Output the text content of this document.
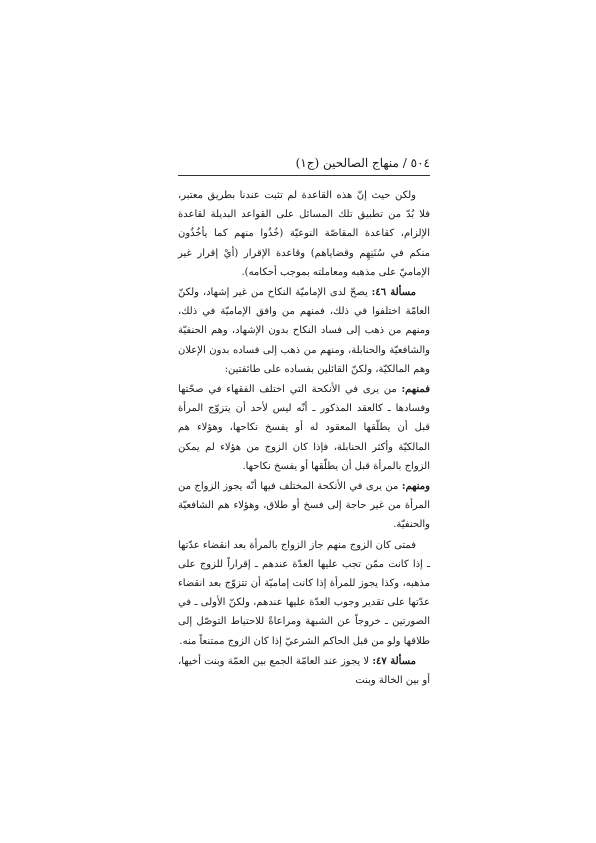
٥٠٤ / منهاج الصالحين (ج١)

ولكن حيث إنّ هذه القاعدة لم تثبت عندنا بطريق معتبر، فلا بُدّ من تطبيق تلك المسائل على القواعد البديلة لقاعدة الإلزام، كقاعدة المقاصّة النوعيّة (خُذُوا منهم كما يأخُذُون منكم في سُنَنِهِم وقضاياهم) وقاعدة الإقرار (أيْ إقرار غير الإماميّ على مذهبه ومعاملته بموجب أحكامه).

مسألة ٤٦: يصحّ لدى الإماميّة النكاح من غير إشهاد، ولكنّ العامّة اختلفوا في ذلك، فمنهم من وافق الإماميّة في ذلك، ومنهم من ذهب إلى فساد النكاح بدون الإشهاد، وهم الحنفيّة والشافعيّة والحنابلة، ومنهم من ذهب إلى فساده بدون الإعلان وهم المالكيّة، ولكنّ القائلين بفساده على طائفتين:

فمنهم: من يرى في الأنكحة التي اختلف الفقهاء في صحّتها وفسادها ـ كالعقد المذكور ـ أنّه ليس لأحد أن يتزوّج المرأة قبل أن يطلّقها المعقود له أو يفسخ نكاحها، وهؤلاء هم المالكيّة وأكثر الحنابلة، فإذا كان الزوج من هؤلاء لم يمكن الزواج بالمرأة قبل أن يطلّقها أو يفسخ نكاحها.

ومنهم: من يرى في الأنكحة المختلف فيها أنّه يجوز الزواج من المرأة من غير حاجة إلى فسخ أو طلاق، وهؤلاء هم الشافعيّة والحنفيّة.

فمتى كان الزوج منهم جاز الزواج بالمرأة بعد انقضاء عدّتها ـ إذا كانت ممّن تجب عليها العدّة عندهم ـ إقراراً للزوج على مذهبه، وكذا يجوز للمرأة إذا كانت إماميّة أن تتزوّج بعد انقضاء عدّتها على تقدير وجوب العدّة عليها عندهم، ولكنّ الأولى ـ في الصورتين ـ خروجاً عن الشبهة ومراعاةً للاحتياط التوصّل إلى طلاقها ولو من قبل الحاكم الشرعيّ إذا كان الزوج ممتنعاً منه.

مسألة ٤٧: لا يجوز عند العامّة الجمع بين العمّة وبنت أخيها، أو بين الخالة وبنت
